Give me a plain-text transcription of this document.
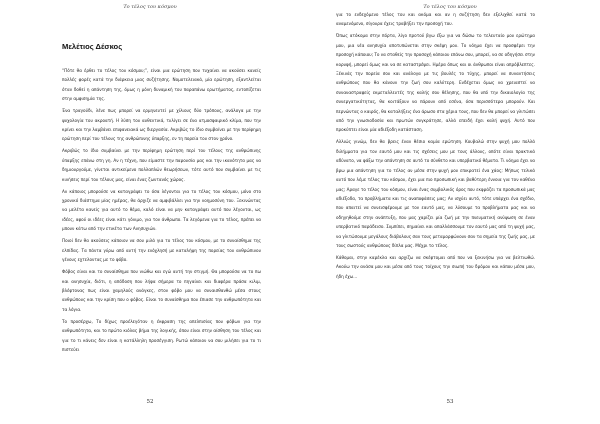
Το τέλος του κόσμου
Μελέτιος Δέσκος

“Πότε θα έρθει το τέλος του κόσμου;”, είναι μια ερώτηση που τυχαίνει να ακούσει κανείς πολλές φορές κατά την διάρκεια μιας συζήτησης. Νομοτελειακά, μία ερώτηση, εξαντλείται όταν δοθεί η απάντηση της, όμως η μόνη δυναμική του παραπάνω ερωτήματος, εντοπίζεται στην αμφισημία της.

Ένα τραγούδι, λένε πως μπορεί να ερμηνευτεί με χίλιους δύο τρόπους, ανάλογα με την ψυχολογία του ακροατή. Η λύση του αυθεντικά, τυλίγει σε ένα ατμοσφαιρικό κλίμα, που την κρίνει και την λαμβάνει επιφανειακά ως διεργασία. Ακριβώς το ίδιο συμβαίνει με την περίφημη ερώτηση περί του τέλους της ανθρώπινης ύπαρξης, εν τη πορεία του στον χρόνο.

Ακριβώς το ίδιο συμβαίνει με την περίφημη ερώτηση περί του τέλους της ανθρώπινης ύπαρξης επάνω στη γη. Αν η τέχνη, που είμαστε την παρουσία μας και την ικανότητα μας να δημιουργούμε, γίνεται αντικείμενο πολλαπλών θεωρήσεων, τότε αυτό που συμβαίνει με τις κινήσεις περί του τέλους μας, είναι ένας ζωντανός χώρος.

Αν κάποιος μπορούσε να καταγράψει το όσα λέγονται για το τέλος του κόσμου, μόνο στο χρονικό διάστημα μίας ημέρας, θα άρχιζε να αμφιβάλλει για την νοημοσύνη του. Ξεκινώντας να μελέτα κανείς για αυτό το θέμα, καλό είναι να μην καταγράψει αυτό που λέγονται, ως ιδέες, αφού οι ιδέες είναι κάτι γόνιμο, για τον άνθρωπο. Τα λεγόμενα για το τέλος, πρέπει να μπουν κάτω από την ετικέτα των Ανησυχιών.

Ποιοί δεν θα ακούσεις κάποιον να σου μιλά για το τέλος του κόσμου, με το συναίσθημα της ελπίδας. Τα πάντα γύρω από αυτή την ενόχλησή με καταλήψη της πορείας του ανθρώπινου γένους εχτελοντας με το φόβο.

Φόβος είναι και το συναίσθημα που νιώθω και εγώ αυτή την στιγμή. Θα μπορούσα να το πω και ανησυχία, διότι, η απόδοση που λήφα σήμερα το πηγαίνει και διαφέρα πράσα κιλιμ, βλέφτονας πως είναι χαμηλούς ανάγκες, στον φόβο μου να συναισθανθώ μέσα στους ανθρώπους και την κρίση που ο φόβος. Είναι το συναίσθημα που έπιασε την ανθρωπότητα και τα λόγια.

Το προσέρχω, Το δίχως προέλεγόταν η έκφραση της απελπισίας που φόβων για την ανθρωπότητα, και το πρώτο κιόλας βήμα της λογικής, όπου είναι στην αίσθηση του τέλος και για το τι κάνεις δεν είναι η κατάλληλη προσέγγιση. Ρωτώ κάποιον να σου μιλήσει για το τι πιστεύει

52
Το τέλος του κόσμου

για το ενδεχόμενο τέλος του και ακόμα και αν η συζήτηση δεν εξελιχθεί κατά το αναμενόμενο, σίγουρα έχεις τραβήξει την προσοχή του.

Όπως ατόκομα στην πόρτα, λίγο προτού βγω έξω για να δώσω το τελευταίο μου ερώτημα μου, μια νέα ανησυχία αποτυπώνεται στην σκέψη μου. Το νόημα έχει να προσφέρει την προσοχή κάποιου; Το να σταθείς την προσοχή κάποιου επάνω σου, μπορεί, να σε οδηγήσει στην κορυφή, μπορεί όμως και να σε καταστρέψει. Ημέρα όπως και οι άνθρωποι είναι απρόβλεπτες. Ξέκινάς την πορεία σου και ανάλογα με τις βουλές το τύχης, μπορεί να συναντήσεις ανθρώπους που θα κάνουν την ζωή σου καλύτερη. Ενδέχεται όμως να χρειαστεί να συναναστραφείς εκμεταλλευτές της καλής σου θέλησης, που θα υπό την δικαιολογία της συνεργατικότητας, θα κοιτάξουν να πάρουν από εσένα, όσα περισσότερα μπορούν. Και περνώντας ο καιρός, θα καταλήξεις ένα άρωσο στα χέρια τους, που δεν θα μπορεί να γλιτώσει από την γνωσιοδοσία και πρωτών συγκράτησε, αλλά επειδή έχει καλή ψυχή. Αυτό που προκύπτει είναι μία αδιέξοδη κατάσταση.

Αλλιώς γινώμ, δεν θα βρεις έναν θέσιο καμία ερώτηση. Κουβαλώ στην ψυχή μου πολλά διλήμματα για τον εαυτό μου και τις σχέσεις μου με τους άλλους, οπότε είναι πρακτικά αδύνατο, να φάξω την απάντηση σε αυτό το σύνθετο και υπερβατικό θέματα. Τι νόημα έχει να βρω μια απάντηση για το τέλος αν μέσα στην ψυχή μου επικρατεί ένα χάος; Μήπως τελικά αυτό που λέμε τέλος του κόσμου, έχει μια πιο προσωπική και βαθύτερη έννοια για τον καθένα μας; Αραγε το τέλος του κόσμου, είναι ένας συμβολικός όρος που εκφράζει τα προσωπικά μας αδιέξοδα, τα προβλήματα και τις αναποφάσεις μας; Αν ισχύει αυτό, τότε υπάρχει ένα σχέδιο, που απαιτεί να συνεισφέρουμε με τον εαυτό μας, να λύσουμε τα προβλήματα μας και να οδηγηθούμε στην ανάπτυξη, που μας χαρίζει μία ζωή με την πνευματική ανύψωση σε έναν υπερβατικό παράδεισο. Συμπίπει, σημαίνει και απαλλάσσουμε τον εαυτό μας από τη ψυχή μας, να γλιτώσουμε μεγάλους διάβολους σαν τους μεταμορφώνουν σαν τα σημεία της ζωής μας, με τους σωστούς ανθρώπους δίπλα μας. Μέχρι το τέλος.

Κάθομαι, στην καρέκλα και αρχίζω να σκέφτομαι από που να ξεκινήσω για να βελτιωθώ. Ακούω την ανάσα μου και μέσα από τους τοίχους την σιωπή του δρόμου και κάπου μέσα μου, ήδη έχω...

53
